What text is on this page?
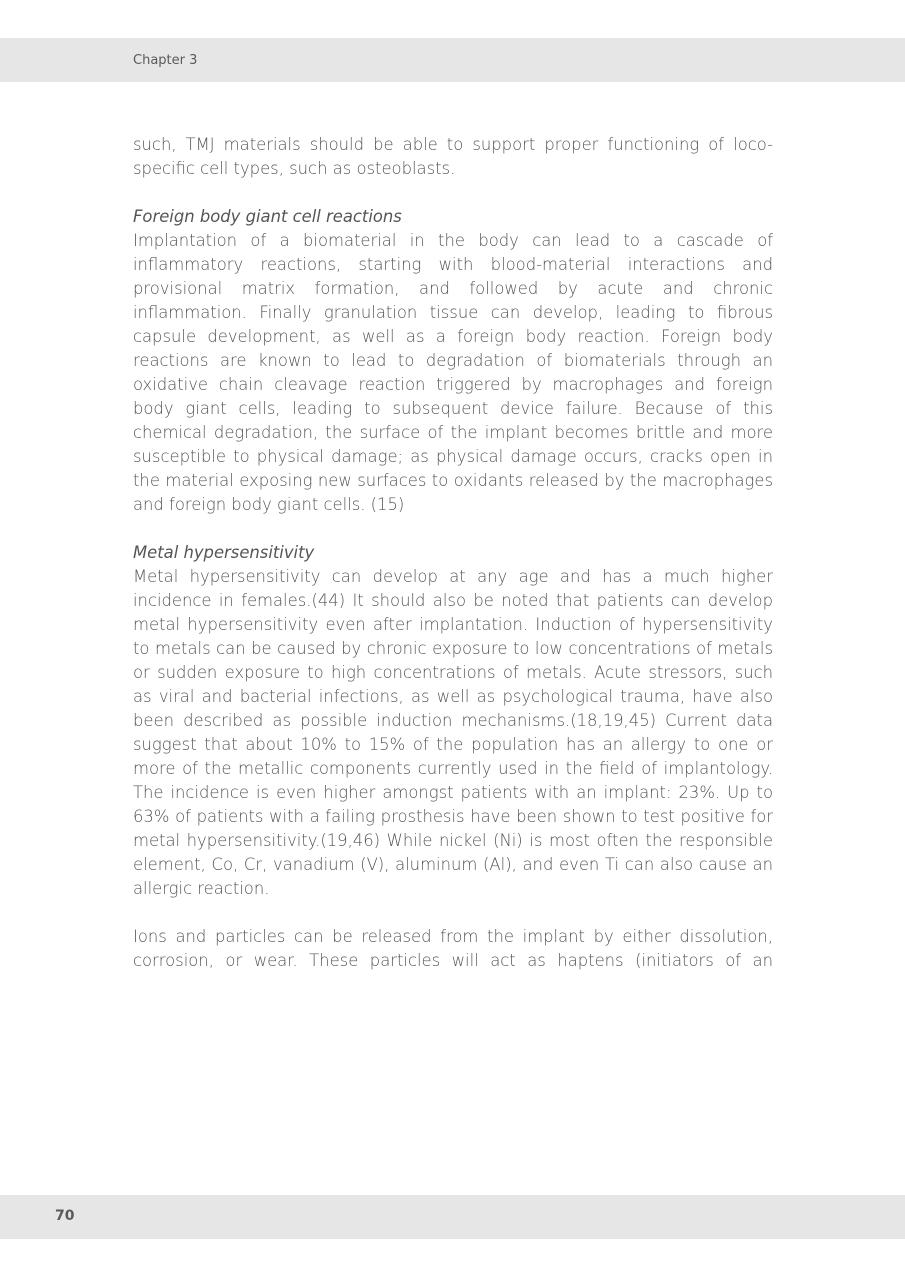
Chapter 3

such, TMJ materials should be able to support proper functioning of loco-specific cell types, such as osteoblasts.

Foreign body giant cell reactions

Implantation of a biomaterial in the body can lead to a cascade of inflammatory reactions, starting with blood-material interactions and provisional matrix formation, and followed by acute and chronic inflammation. Finally granulation tissue can develop, leading to fibrous capsule development, as well as a foreign body reaction. Foreign body reactions are known to lead to degradation of biomaterials through an oxidative chain cleavage reaction triggered by macrophages and foreign body giant cells, leading to subsequent device failure. Because of this chemical degradation, the surface of the implant becomes brittle and more susceptible to physical damage; as physical damage occurs, cracks open in the material exposing new surfaces to oxidants released by the macrophages and foreign body giant cells. (15)

Metal hypersensitivity

Metal hypersensitivity can develop at any age and has a much higher incidence in females.(44) It should also be noted that patients can develop metal hypersensitivity even after implantation. Induction of hypersensitivity to metals can be caused by chronic exposure to low concentrations of metals or sudden exposure to high concentrations of metals. Acute stressors, such as viral and bacterial infections, as well as psychological trauma, have also been described as possible induction mechanisms.(18,19,45) Current data suggest that about 10% to 15% of the population has an allergy to one or more of the metallic components currently used in the field of implantology. The incidence is even higher amongst patients with an implant: 23%. Up to 63% of patients with a failing prosthesis have been shown to test positive for metal hypersensitivity.(19,46) While nickel (Ni) is most often the responsible element, Co, Cr, vanadium (V), aluminum (Al), and even Ti can also cause an allergic reaction.

Ions and particles can be released from the implant by either dissolution, corrosion, or wear. These particles will act as haptens (initiators of an

70
